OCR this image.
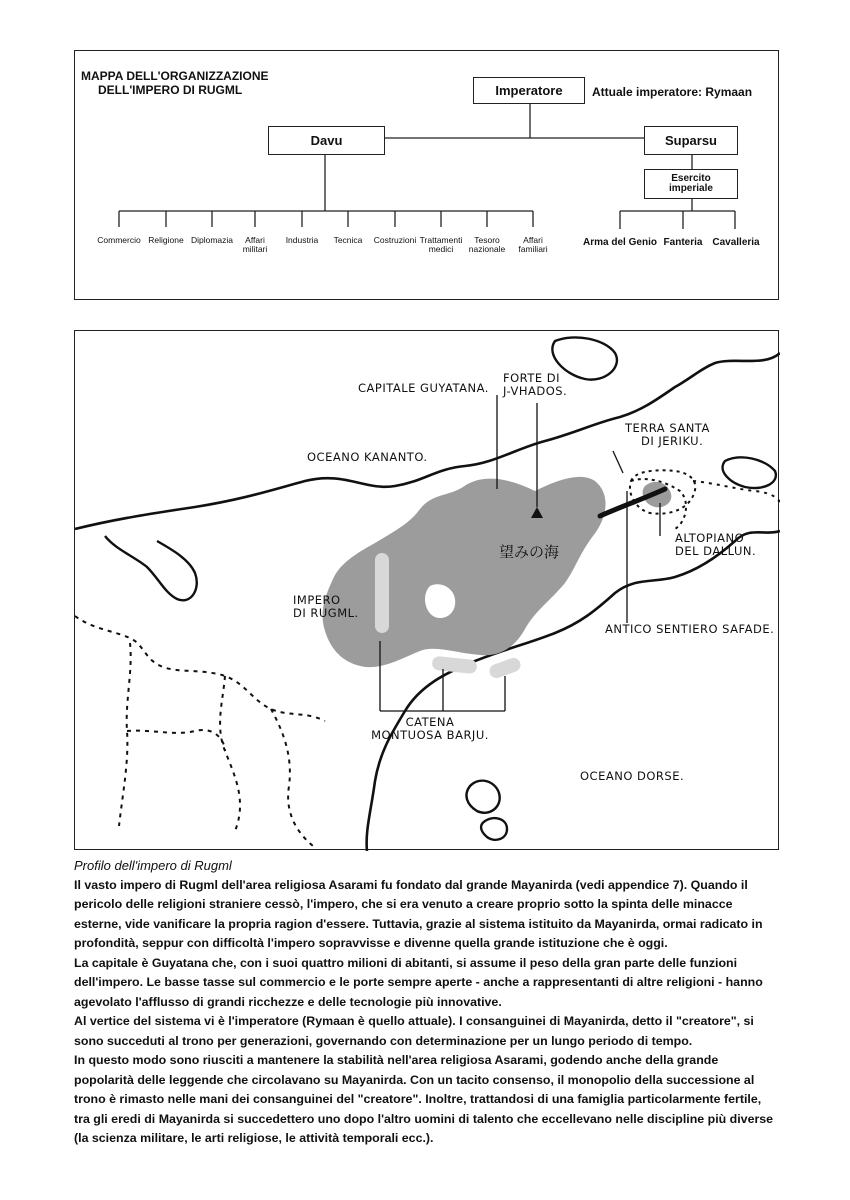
MAPPA DELL'ORGANIZZAZIONE
DELL'IMPERO DI RUGML	Imperatore	Attuale imperatore: Rymaan
Davu	Suparsu
Esercito
imperiale
Commercio Religione Diplomazia	Affari
militari
Industria	Tecnica	Costruzioni Trattamenti
medici
Tesoro
nazionale
Affari
familiari
Arma del Genio Fanteria Cavalleria
CAPITALE GUYATANA.
FORTE DI
J-VHADOS.
TERRA SANTA
DI JERIKU.
OCEANO KANANTO.
望みの海
ALTOPIANO
DEL DALLUN.
IMPERO
DI RUGML.
ANTICO SENTIERO SAFADE.
CATENA
MONTUOSA BARJU.
OCEANO DORSE.

Profilo dell'impero di Rugml

Il vasto impero di Rugml dell'area religiosa Asarami fu fondato dal grande Mayanirda (vedi appendice 7). Quando il pericolo delle religioni straniere cessò, l'impero, che si era venuto a creare proprio sotto la spinta delle minacce esterne, vide vanificare la propria ragion d'essere. Tuttavia, grazie al sistema istituito da Mayanirda, ormai radicato in profondità, seppur con difficoltà l'impero sopravvisse e divenne quella grande istituzione che è oggi.

La capitale è Guyatana che, con i suoi quattro milioni di abitanti, si assume il peso della gran parte delle funzioni dell'impero. Le basse tasse sul commercio e le porte sempre aperte - anche a rappresentanti di altre religioni - hanno agevolato l'afflusso di grandi ricchezze e delle tecnologie più innovative.

Al vertice del sistema vi è l'imperatore (Rymaan è quello attuale). I consanguinei di Mayanirda, detto il "creatore", si sono succeduti al trono per generazioni, governando con determinazione per un lungo periodo di tempo.

In questo modo sono riusciti a mantenere la stabilità nell'area religiosa Asarami, godendo anche della grande popolarità delle leggende che circolavano su Mayanirda. Con un tacito consenso, il monopolio della successione al trono è rimasto nelle mani dei consanguinei del "creatore". Inoltre, trattandosi di una famiglia particolarmente fertile, tra gli eredi di Mayanirda si succedettero uno dopo l'altro uomini di talento che eccellevano nelle discipline più diverse (la scienza militare, le arti religiose, le attività temporali ecc.).
